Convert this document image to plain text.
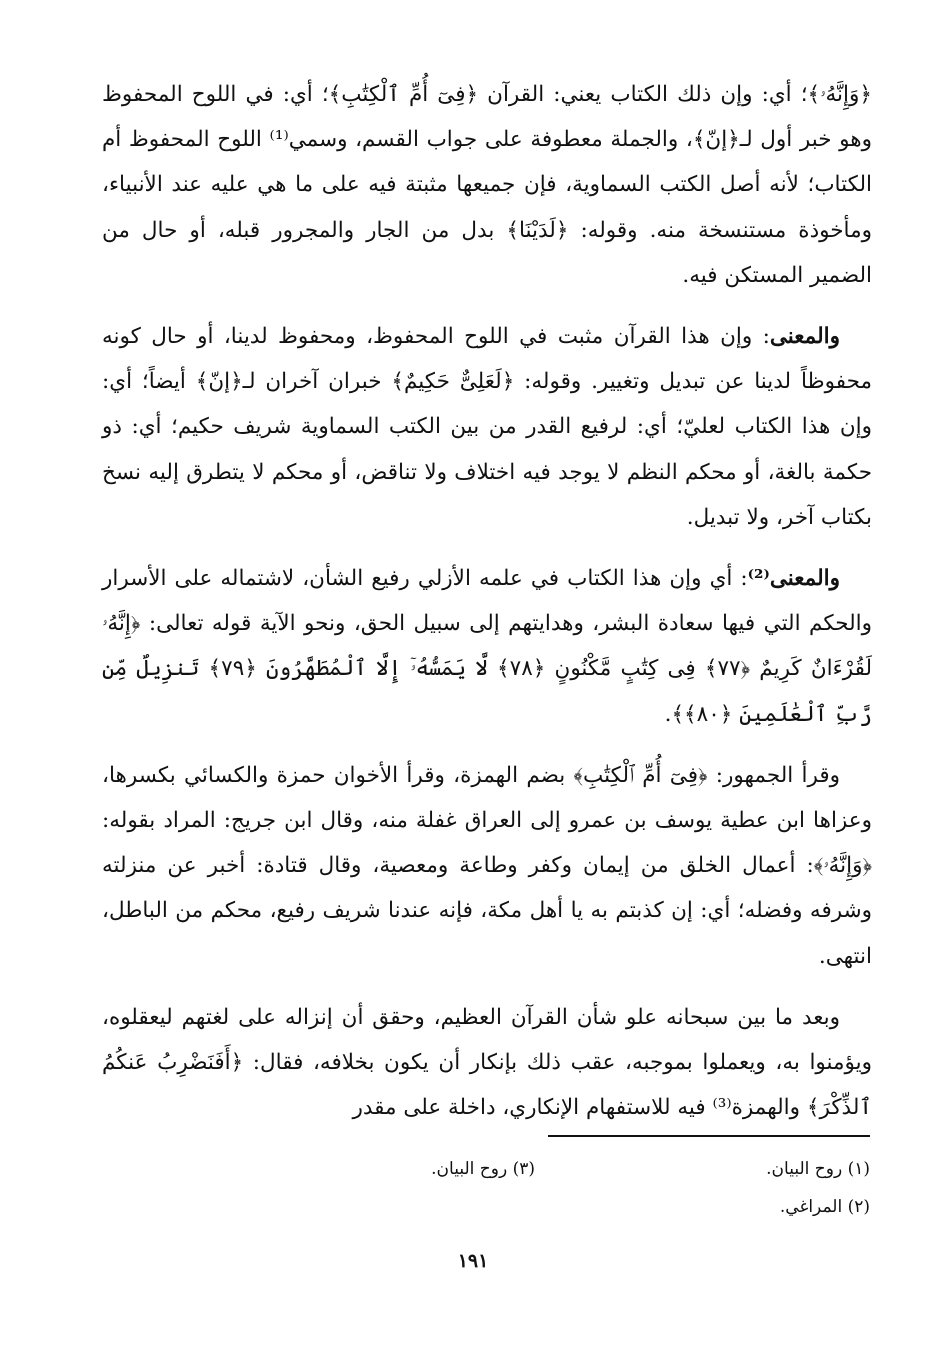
﴿وَإِنَّهُۥ﴾؛ أي: وإن ذلك الكتاب يعني: القرآن ﴿فِىٓ أُمِّ ٱلْكِتَٰبِ﴾؛ أي: في اللوح المحفوظ وهو خبر أول لـ﴿إنّ﴾، والجملة معطوفة على جواب القسم، وسمي⁽¹⁾ اللوح المحفوظ أم الكتاب؛ لأنه أصل الكتب السماوية، فإن جميعها مثبتة فيه على ما هي عليه عند الأنبياء، ومأخوذة مستنسخة منه. وقوله: ﴿لَدَيْنَا﴾ بدل من الجار والمجرور قبله، أو حال من الضمير المستكن فيه.

والمعنى: وإن هذا القرآن مثبت في اللوح المحفوظ، ومحفوظ لدينا، أو حال كونه محفوظاً لدينا عن تبديل وتغيير. وقوله: ﴿لَعَلِىٌّ حَكِيمٌ﴾ خبران آخران لـ﴿إنّ﴾ أيضاً؛ أي: وإن هذا الكتاب لعليّ؛ أي: لرفيع القدر من بين الكتب السماوية شريف حكيم؛ أي: ذو حكمة بالغة، أو محكم النظم لا يوجد فيه اختلاف ولا تناقض، أو محكم لا يتطرق إليه نسخ بكتاب آخر، ولا تبديل.

والمعنى⁽²⁾: أي وإن هذا الكتاب في علمه الأزلي رفيع الشأن، لاشتماله على الأسرار والحكم التي فيها سعادة البشر، وهدايتهم إلى سبيل الحق، ونحو الآية قوله تعالى: ﴿إِنَّهُۥ لَقُرْءَانٌ كَرِيمٌ ﴿٧٧﴾ فِى كِتَٰبٍ مَّكْنُونٍ ﴿٧٨﴾ لَّا يَمَسُّهُۥٓ إِلَّا ٱلْمُطَهَّرُونَ ﴿٧٩﴾ تَنزِيلٌ مِّن رَّبِّ ٱلْعَٰلَمِينَ ﴿٨٠﴾﴾.

وقرأ الجمهور: ﴿فِىٓ أُمِّ ٱلْكِتَٰبِ﴾ بضم الهمزة، وقرأ الأخوان حمزة والكسائي بكسرها، وعزاها ابن عطية يوسف بن عمرو إلى العراق غفلة منه، وقال ابن جريج: المراد بقوله: ﴿وَإِنَّهُۥ﴾: أعمال الخلق من إيمان وكفر وطاعة ومعصية، وقال قتادة: أخبر عن منزلته وشرفه وفضله؛ أي: إن كذبتم به يا أهل مكة، فإنه عندنا شريف رفيع، محكم من الباطل، انتهى.

وبعد ما بين سبحانه علو شأن القرآن العظيم، وحقق أن إنزاله على لغتهم ليعقلوه، ويؤمنوا به، ويعملوا بموجبه، عقب ذلك بإنكار أن يكون بخلافه، فقال: ﴿أَفَنَضْرِبُ عَنكُمُ ٱلذِّكْرَ﴾ والهمزة⁽³⁾ فيه للاستفهام الإنكاري، داخلة على مقدر

(١) روح البيان.
(٣) روح البيان.
(٢) المراغي.
١٩١
